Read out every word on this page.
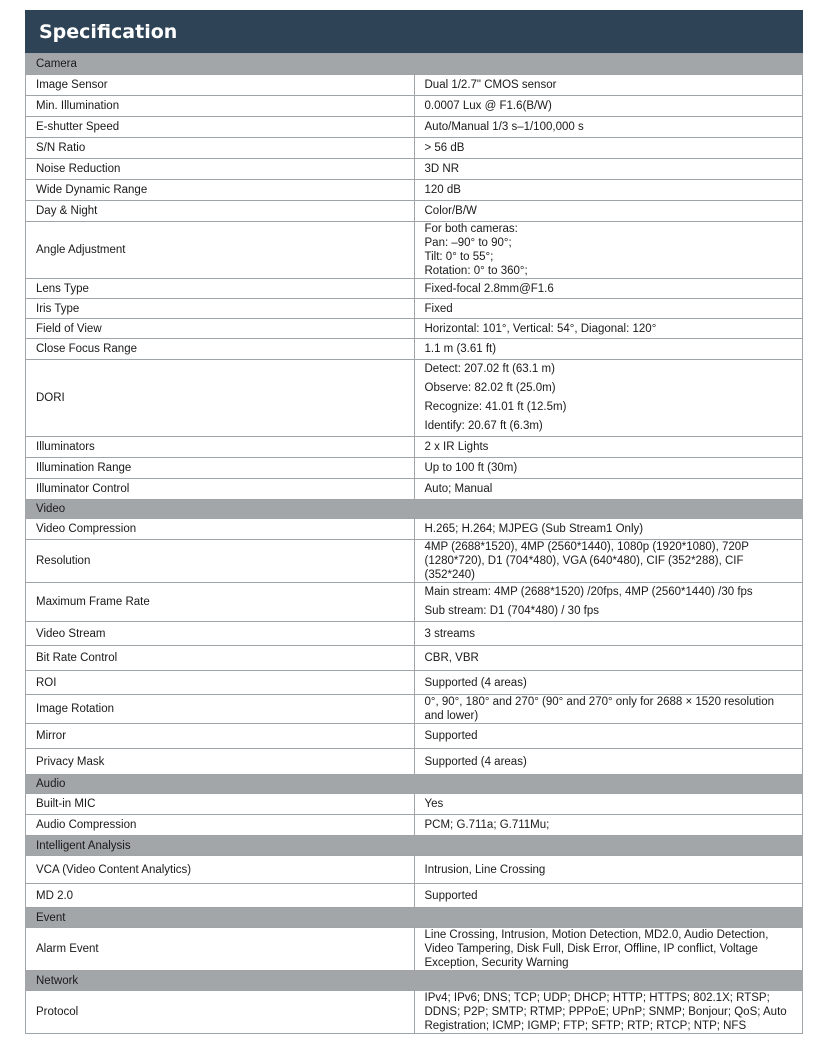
Specification
Camera	
Image Sensor	Dual 1/2.7" CMOS sensor

Min. Illumination	0.0007 Lux @ F1.6(B/W)

E-shutter Speed	Auto/Manual 1/3 s–1/100,000 s

S/N Ratio	> 56 dB

Noise Reduction	3D NR

Wide Dynamic Range	120 dB

Day & Night	Color/B/W

Angle Adjustment	For both cameras:
Pan: –90° to 90°;
Tilt: 0° to 55°;
Rotation: 0° to 360°;

Lens Type	Fixed-focal 2.8mm@F1.6

Iris Type	Fixed

Field of View	Horizontal: 101°, Vertical: 54°, Diagonal: 120°

Close Focus Range	1.1 m (3.61 ft)

DORI	Detect: 207.02 ft (63.1 m)
Observe: 82.02 ft (25.0m)
Recognize: 41.01 ft (12.5m)
Identify: 20.67 ft (6.3m)

Illuminators	2 x IR Lights

Illumination Range	Up to 100 ft (30m)

Illuminator Control	Auto; Manual

Video	
Video Compression	H.265; H.264; MJPEG (Sub Stream1 Only)

Resolution	4MP (2688*1520), 4MP (2560*1440), 1080p (1920*1080), 720P (1280*720), D1 (704*480), VGA (640*480), CIF (352*288), CIF (352*240)

Maximum Frame Rate	Main stream: 4MP (2688*1520) /20fps, 4MP (2560*1440) /30 fps
Sub stream: D1 (704*480) / 30 fps

Video Stream	3 streams

Bit Rate Control	CBR, VBR

ROI	Supported (4 areas)

Image Rotation	0°, 90°, 180° and 270° (90° and 270° only for 2688 × 1520 resolution and lower)

Mirror	Supported

Privacy Mask	Supported (4 areas)

Audio	
Built-in MIC	Yes

Audio Compression	PCM; G.711a; G.711Mu;

Intelligent Analysis	
VCA (Video Content Analytics)	Intrusion, Line Crossing

MD 2.0	Supported

Event	
Alarm Event	Line Crossing, Intrusion, Motion Detection, MD2.0, Audio Detection, Video Tampering, Disk Full, Disk Error, Offline, IP conflict, Voltage Exception, Security Warning

Network	
Protocol	IPv4; IPv6; DNS; TCP; UDP; DHCP; HTTP; HTTPS; 802.1X; RTSP; DDNS; P2P; SMTP; RTMP; PPPoE; UPnP; SNMP; Bonjour; QoS; Auto Registration; ICMP; IGMP; FTP; SFTP; RTP; RTCP; NTP; NFS
